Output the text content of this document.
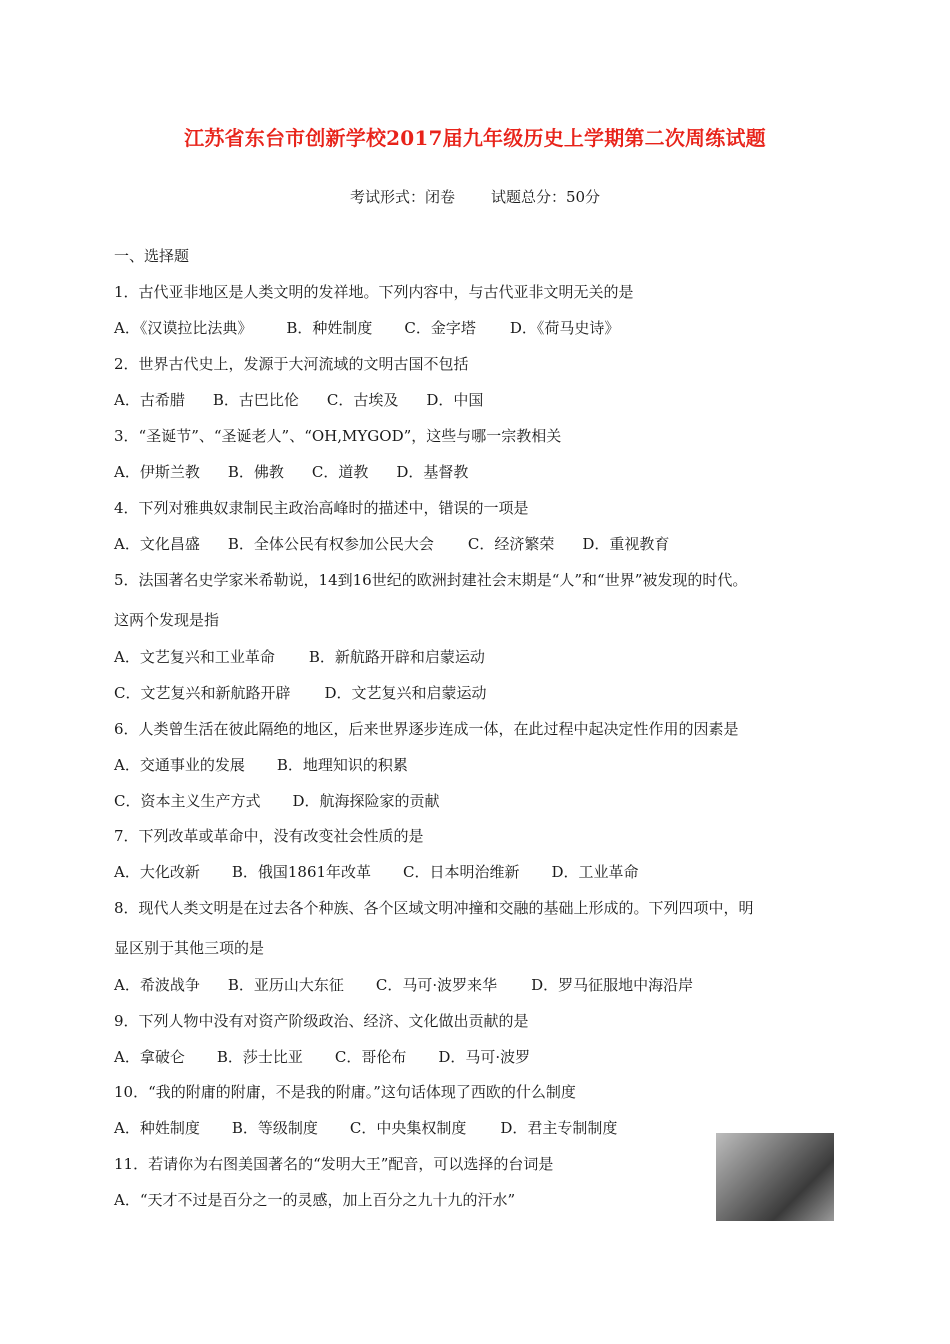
江苏省东台市创新学校2017届九年级历史上学期第二次周练试题
考试形式：闭卷 试题总分：50分
一、选择题
1．古代亚非地区是人类文明的发祥地。下列内容中，与古代亚非文明无关的是
A．《汉谟拉比法典》 B．种姓制度 C．金字塔 D．《荷马史诗》
2．世界古代史上，发源于大河流域的文明古国不包括
A．古希腊 B．古巴比伦 C．古埃及 D．中国
3．“圣诞节”、“圣诞老人”、“OH,MYGOD”，这些与哪一宗教相关
A．伊斯兰教 B．佛教 C．道教 D．基督教
4．下列对雅典奴隶制民主政治高峰时的描述中，错误的一项是
A．文化昌盛 B．全体公民有权参加公民大会 C．经济繁荣 D．重视教育
5．法国著名史学家米希勒说，14到16世纪的欧洲封建社会末期是“人”和“世界”被发现的时代。
这两个发现是指
A．文艺复兴和工业革命 B．新航路开辟和启蒙运动
C．文艺复兴和新航路开辟 D．文艺复兴和启蒙运动
6．人类曾生活在彼此隔绝的地区，后来世界逐步连成一体，在此过程中起决定性作用的因素是
A．交通事业的发展 B．地理知识的积累
C．资本主义生产方式 D．航海探险家的贡献
7．下列改革或革命中，没有改变社会性质的是
A．大化改新 B．俄国1861年改革 C．日本明治维新 D．工业革命
8．现代人类文明是在过去各个种族、各个区域文明冲撞和交融的基础上形成的。下列四项中，明
显区别于其他三项的是
A．希波战争 B．亚历山大东征 C．马可·波罗来华 D．罗马征服地中海沿岸
9．下列人物中没有对资产阶级政治、经济、文化做出贡献的是
A．拿破仑 B．莎士比亚 C．哥伦布 D．马可·波罗
10．“我的附庸的附庸，不是我的附庸。”这句话体现了西欧的什么制度
A．种姓制度 B．等级制度 C．中央集权制度 D．君主专制制度
11．若请你为右图美国著名的“发明大王”配音，可以选择的台词是
A．“天才不过是百分之一的灵感，加上百分之九十九的汗水”
